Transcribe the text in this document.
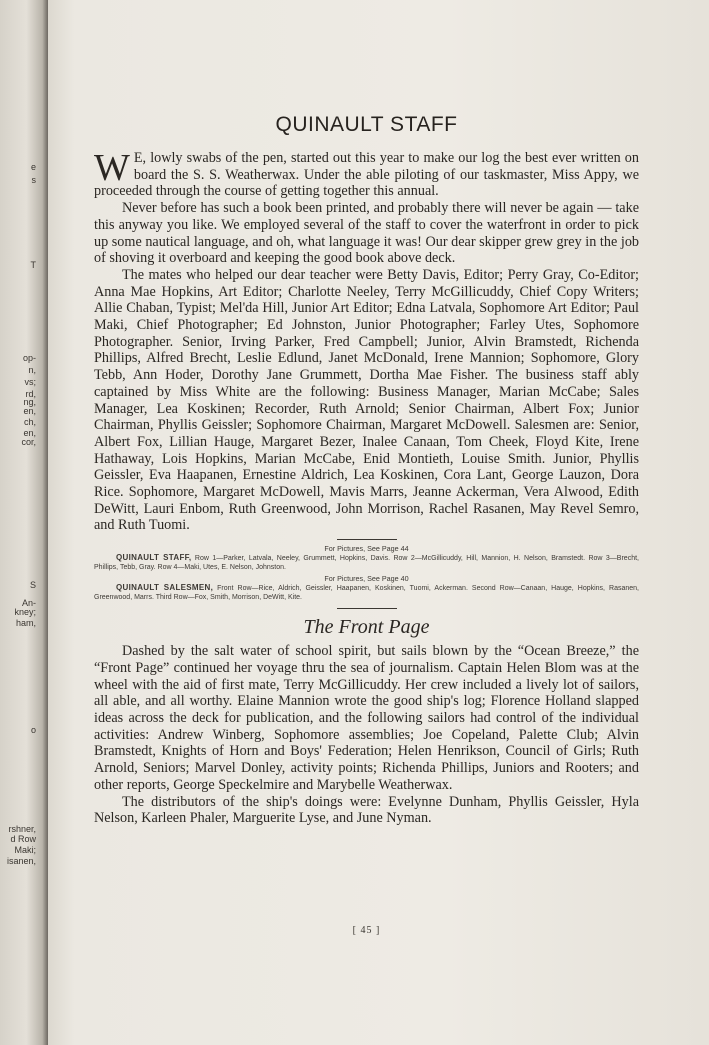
e
s
T
op-
n,
vs;
rd,
ng,
en,
ch,
en,
cor,
S
An-
kney;
ham,
o
rshner,
d Row
Maki;
isanen,
QUINAULT STAFF

W E, lowly swabs of the pen, started out this year to make our log the best ever written on board the S. S. Weatherwax. Under the able piloting of our taskmaster, Miss Appy, we proceeded through the course of getting together this annual.

Never before has such a book been printed, and probably there will never be again — take this anyway you like. We employed several of the staff to cover the waterfront in order to pick up some nautical language, and oh, what language it was! Our dear skipper grew grey in the job of shoving it overboard and keeping the good book above deck.

The mates who helped our dear teacher were Betty Davis, Editor; Perry Gray, Co-Editor; Anna Mae Hopkins, Art Editor; Charlotte Neeley, Terry McGillicuddy, Chief Copy Writers; Allie Chaban, Typist; Mel'da Hill, Junior Art Editor; Edna Latvala, Sophomore Art Editor; Paul Maki, Chief Photographer; Ed Johnston, Junior Photographer; Farley Utes, Sophomore Photographer. Senior, Irving Parker, Fred Campbell; Junior, Alvin Bramstedt, Richenda Phillips, Alfred Brecht, Leslie Edlund, Janet McDonald, Irene Mannion; Sophomore, Glory Tebb, Ann Hoder, Dorothy Jane Grummett, Dortha Mae Fisher. The business staff ably captained by Miss White are the following: Business Manager, Marian McCabe; Sales Manager, Lea Koskinen; Recorder, Ruth Arnold; Senior Chairman, Albert Fox; Junior Chairman, Phyllis Geissler; Sophomore Chairman, Margaret McDowell. Salesmen are: Senior, Albert Fox, Lillian Hauge, Margaret Bezer, Inalee Canaan, Tom Cheek, Floyd Kite, Irene Hathaway, Lois Hopkins, Marian McCabe, Enid Montieth, Louise Smith. Junior, Phyllis Geissler, Eva Haapanen, Ernestine Aldrich, Lea Koskinen, Cora Lant, George Lauzon, Dora Rice. Sophomore, Margaret McDowell, Mavis Marrs, Jeanne Ackerman, Vera Alwood, Edith DeWitt, Lauri Enbom, Ruth Greenwood, John Morrison, Rachel Rasanen, May Revel Semro, and Ruth Tuomi.

For Pictures, See Page 44
QUINAULT STAFF, Row 1—Parker, Latvala, Neeley, Grummett, Hopkins, Davis. Row 2—McGillicuddy, Hill, Mannion, H. Nelson, Bramstedt. Row 3—Brecht, Phillips, Tebb, Gray. Row 4—Maki, Utes, E. Nelson, Johnston.
For Pictures, See Page 40
QUINAULT SALESMEN, Front Row—Rice, Aldrich, Geissler, Haapanen, Koskinen, Tuomi, Ackerman. Second Row—Canaan, Hauge, Hopkins, Rasanen, Greenwood, Marrs. Third Row—Fox, Smith, Morrison, DeWitt, Kite.
The Front Page

Dashed by the salt water of school spirit, but sails blown by the “Ocean Breeze,” the “Front Page” continued her voyage thru the sea of journalism. Captain Helen Blom was at the wheel with the aid of first mate, Terry McGillicuddy. Her crew included a lively lot of sailors, all able, and all worthy. Elaine Mannion wrote the good ship's log; Florence Holland slapped ideas across the deck for publication, and the following sailors had control of the individual activities: Andrew Winberg, Sophomore assemblies; Joe Copeland, Palette Club; Alvin Bramstedt, Knights of Horn and Boys' Federation; Helen Henrikson, Council of Girls; Ruth Arnold, Seniors; Marvel Donley, activity points; Richenda Phillips, Juniors and Rooters; and other reports, George Speckelmire and Marybelle Weatherwax.

The distributors of the ship's doings were: Evelynne Dunham, Phyllis Geissler, Hyla Nelson, Karleen Phaler, Marguerite Lyse, and June Nyman.

[ 45 ]
